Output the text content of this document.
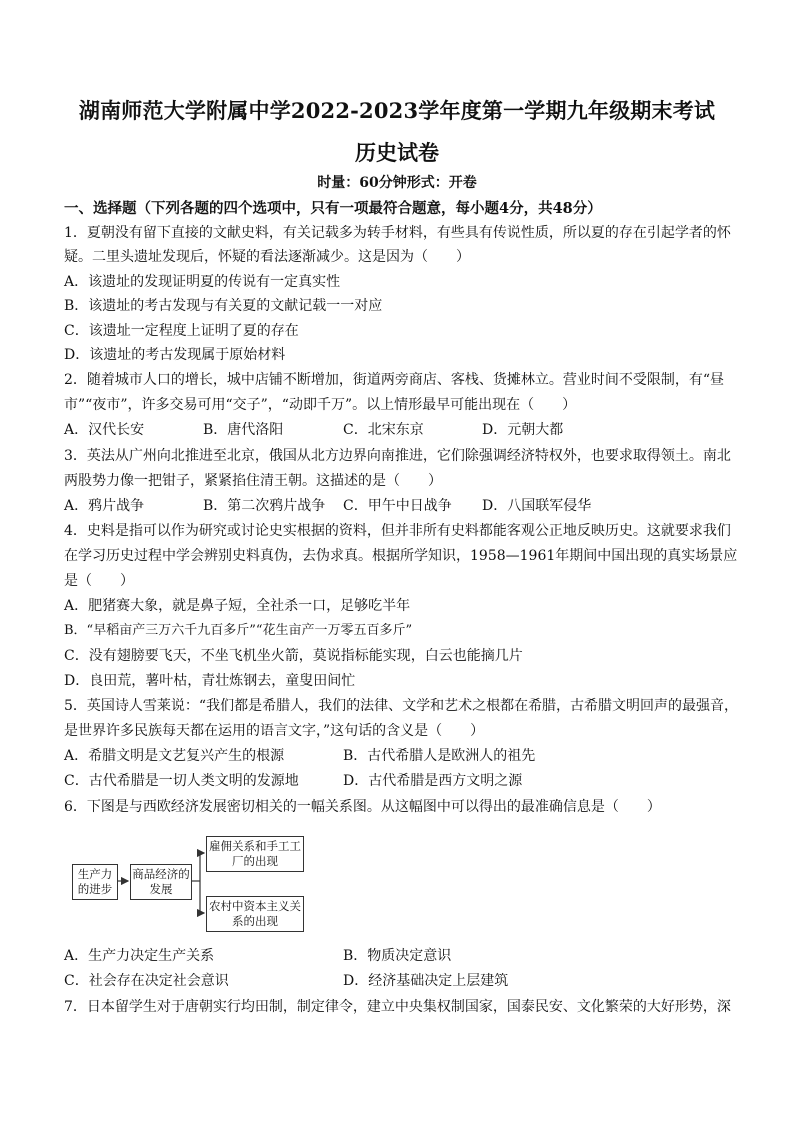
湖南师范大学附属中学2022-2023学年度第一学期九年级期末考试
历史试卷
时量：60分钟形式：开卷
一、选择题（下列各题的四个选项中，只有一项最符合题意，每小题4分，共48分）
1．夏朝没有留下直接的文献史料，有关记载多为转手材料，有些具有传说性质，所以夏的存在引起学者的怀
疑。二里头遗址发现后，怀疑的看法逐渐减少。这是因为（　　）
A．该遗址的发现证明夏的传说有一定真实性
B．该遗址的考古发现与有关夏的文献记载一一对应
C．该遗址一定程度上证明了夏的存在
D．该遗址的考古发现属于原始材料
2．随着城市人口的增长，城中店铺不断增加，街道两旁商店、客栈、货摊林立。营业时间不受限制，有“昼
市”“夜市”，许多交易可用“交子”，“动即千万”。以上情形最早可能出现在（　　）
A．汉代长安	B．唐代洛阳	C．北宋东京	D．元朝大都
3．英法从广州向北推进至北京，俄国从北方边界向南推进，它们除强调经济特权外，也要求取得领土。南北
两股势力像一把钳子，紧紧掐住清王朝。这描述的是（　　）
A．鸦片战争	B．第二次鸦片战争 C．甲午中日战争 D．八国联军侵华
4．史料是指可以作为研究或讨论史实根据的资料，但并非所有史料都能客观公正地反映历史。这就要求我们
在学习历史过程中学会辨别史料真伪，去伪求真。根据所学知识，1958—1961年期间中国出现的真实场景应
是（　　）
A．肥猪赛大象，就是鼻子短，全社杀一口，足够吃半年
B．“早稻亩产三万六千九百多斤”“花生亩产一万零五百多斤”
C．没有翅膀要飞天，不坐飞机坐火箭，莫说指标能实现，白云也能摘几片
D．良田荒，薯叶枯，青壮炼钢去，童叟田间忙
5．英国诗人雪莱说：“我们都是希腊人，我们的法律、文学和艺术之根都在希腊，古希腊文明回声的最强音，
是世界许多民族每天都在运用的语言文字，”这句话的含义是（　　）
A．希腊文明是文艺复兴产生的根源	B．古代希腊人是欧洲人的祖先
C．古代希腊是一切人类文明的发源地	D．古代希腊是西方文明之源
6．下图是与西欧经济发展密切相关的一幅关系图。从这幅图中可以得出的最准确信息是（　　）
生产力的进步
商品经济的发展
雇佣关系和手工工厂的出现
农村中资本主义关系的出现
A．生产力决定生产关系	B．物质决定意识
C．社会存在决定社会意识	D．经济基础决定上层建筑
7．日本留学生对于唐朝实行均田制，制定律令，建立中央集权制国家，国泰民安、文化繁荣的大好形势，深
